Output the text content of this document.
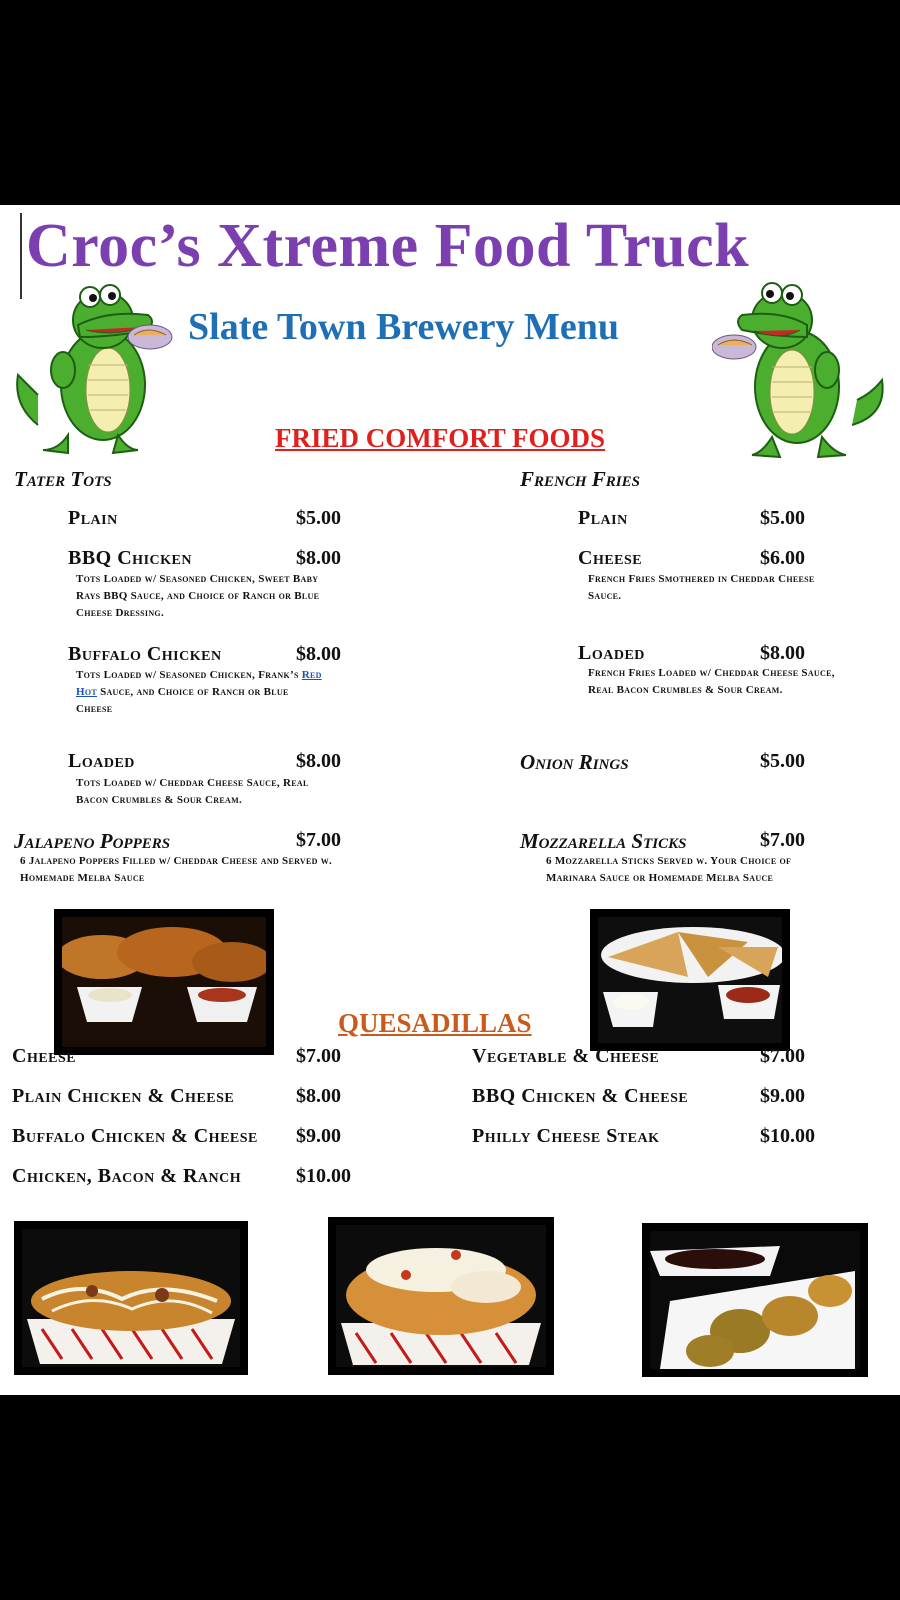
Croc’s Xtreme Food Truck
Slate Town Brewery Menu
FRIED COMFORT FOODS
Tater Tots
Plain	$5.00
BBQ Chicken	$8.00
Tots Loaded w/ Seasoned Chicken, Sweet Baby Rays BBQ Sauce, and Choice of Ranch or Blue Cheese Dressing.
Buffalo Chicken	$8.00
Tots Loaded w/ Seasoned Chicken, Frank’s Red Hot Sauce, and Choice of Ranch or Blue Cheese
Loaded	$8.00
Tots Loaded w/ Cheddar Cheese Sauce, Real Bacon Crumbles & Sour Cream.
French Fries
Plain	$5.00
Cheese	$6.00
French Fries Smothered in Cheddar Cheese Sauce.
Loaded	$8.00
French Fries Loaded w/ Cheddar Cheese Sauce, Real Bacon Crumbles & Sour Cream.
Onion Rings	$5.00
Jalapeno Poppers	$7.00
6 Jalapeno Poppers Filled w/ Cheddar Cheese and Served w. Homemade Melba Sauce
Mozzarella Sticks	$7.00
6 Mozzarella Sticks Served w. Your Choice of Marinara Sauce or Homemade Melba Sauce
QUESADILLAS
Cheese	$7.00
Plain Chicken & Cheese	$8.00
Buffalo Chicken & Cheese $9.00
Chicken, Bacon & Ranch	$10.00
Vegetable & Cheese	$7.00
BBQ Chicken & Cheese	$9.00
Philly Cheese Steak	$10.00
